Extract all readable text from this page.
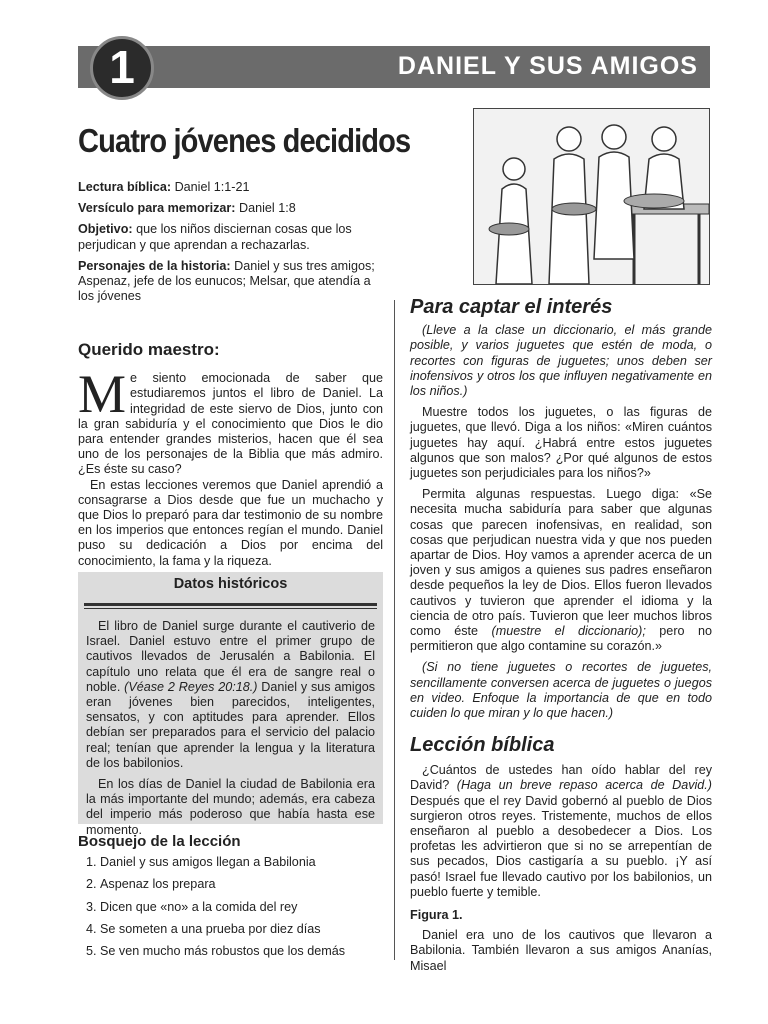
DANIEL Y SUS AMIGOS
1
Cuatro jóvenes decididos

Lectura bíblica: Daniel 1:1-21

Versículo para memorizar: Daniel 1:8

Objetivo: que los niños disciernan cosas que los perjudican y que aprendan a rechazarlas.

Personajes de la historia: Daniel y sus tres amigos; Aspenaz, jefe de los eunucos; Melsar, que atendía a los jóvenes

Querido maestro:

Me siento emocionada de saber que estudiaremos juntos el libro de Daniel. La integridad de este siervo de Dios, junto con la gran sabiduría y el conocimiento que Dios le dio para entender grandes misterios, hacen que él sea uno de los personajes de la Biblia que más admiro. ¿Es éste su caso?

En estas lecciones veremos que Daniel aprendió a consagrarse a Dios desde que fue un muchacho y que Dios lo preparó para dar testimonio de su nombre en los imperios que entonces regían el mundo. Daniel puso su dedicación a Dios por encima del conocimiento, la fama y la riqueza.

Datos históricos

El libro de Daniel surge durante el cautiverio de Israel. Daniel estuvo entre el primer grupo de cautivos llevados de Jerusalén a Babilonia. El capítulo uno relata que él era de sangre real o noble. (Véase 2 Reyes 20:18.) Daniel y sus amigos eran jóvenes bien parecidos, inteligentes, sensatos, y con aptitudes para aprender. Ellos debían ser preparados para el servicio del palacio real; tenían que aprender la lengua y la literatura de los babilonios.

En los días de Daniel la ciudad de Babilonia era la más importante del mundo; además, era cabeza del imperio más poderoso que había hasta ese momento.

Bosquejo de la lección
1. Daniel y sus amigos llegan a Babilonia
2. Aspenaz los prepara
3. Dicen que «no» a la comida del rey
4. Se someten a una prueba por diez días
5. Se ven mucho más robustos que los demás
Para captar el interés

(Lleve a la clase un diccionario, el más grande posible, y varios juguetes que estén de moda, o recortes con figuras de juguetes; unos deben ser inofensivos y otros los que influyen negativamente en los niños.)

Muestre todos los juguetes, o las figuras de juguetes, que llevó. Diga a los niños: «Miren cuántos juguetes hay aquí. ¿Habrá entre estos juguetes algunos que son malos? ¿Por qué algunos de estos juguetes son perjudiciales para los niños?»

Permita algunas respuestas. Luego diga: «Se necesita mucha sabiduría para saber que algunas cosas que parecen inofensivas, en realidad, son cosas que perjudican nuestra vida y que nos pueden apartar de Dios. Hoy vamos a aprender acerca de un joven y sus amigos a quienes sus padres enseñaron desde pequeños la ley de Dios. Ellos fueron llevados cautivos y tuvieron que aprender el idioma y la ciencia de otro país. Tuvieron que leer muchos libros como éste (muestre el diccionario); pero no permitieron que algo contamine su corazón.»

(Si no tiene juguetes o recortes de juguetes, sencillamente conversen acerca de juguetes o juegos en video. Enfoque la importancia de que en todo cuiden lo que miran y lo que hacen.)

Lección bíblica

¿Cuántos de ustedes han oído hablar del rey David? (Haga un breve repaso acerca de David.) Después que el rey David gobernó al pueblo de Dios surgieron otros reyes. Tristemente, muchos de ellos enseñaron al pueblo a desobedecer a Dios. Los profetas les advirtieron que si no se arrepentían de sus pecados, Dios castigaría a su pueblo. ¡Y así pasó! Israel fue llevado cautivo por los babilonios, un pueblo fuerte y temible.

Figura 1.

Daniel era uno de los cautivos que llevaron a Babilonia. También llevaron a sus amigos Ananías, Misael
